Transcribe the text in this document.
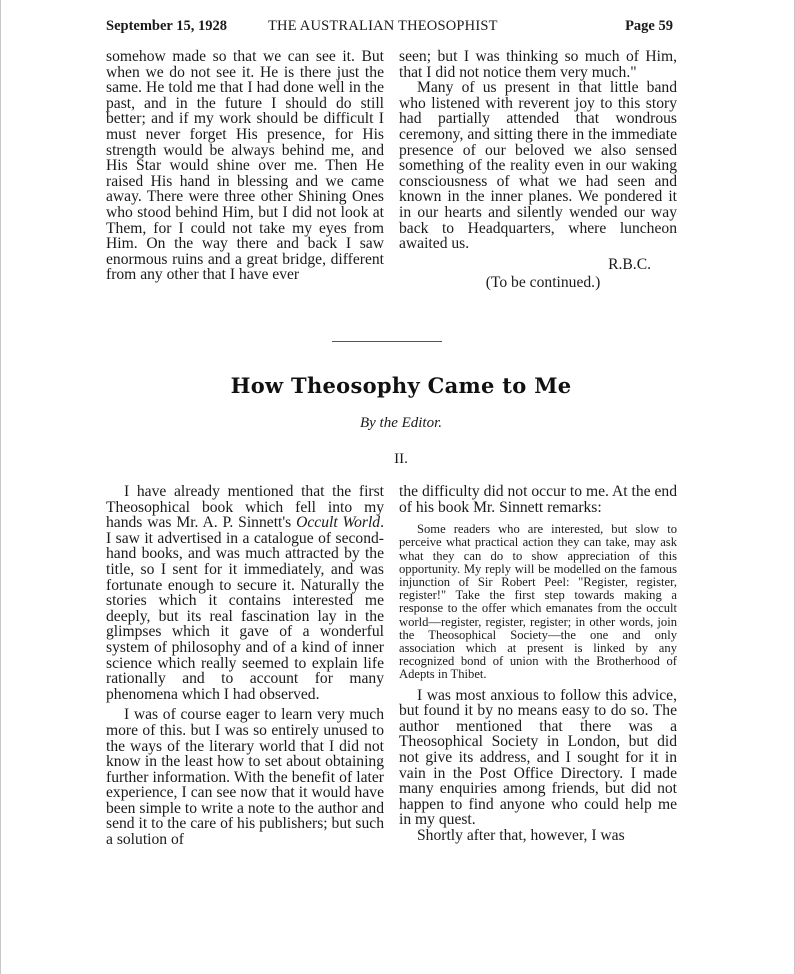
September 15, 1928	THE AUSTRALIAN THEOSOPHIST	Page 59

somehow made so that we can see it. But when we do not see it. He is there just the same. He told me that I had done well in the past, and in the future I should do still better; and if my work should be difficult I must never forget His presence, for His strength would be always behind me, and His Star would shine over me. Then He raised His hand in blessing and we came away. There were three other Shining Ones who stood behind Him, but I did not look at Them, for I could not take my eyes from Him. On the way there and back I saw enormous ruins and a great bridge, different from any other that I have ever

seen; but I was thinking so much of Him, that I did not notice them very much."

Many of us present in that little band who listened with reverent joy to this story had partially attended that wondrous ceremony, and sitting there in the immediate presence of our beloved we also sensed something of the reality even in our waking consciousness of what we had seen and known in the inner planes. We pondered it in our hearts and silently wended our way back to Headquarters, where luncheon awaited us.

R.B.C.

(To be continued.)

How Theosophy Came to Me
By the Editor.
II.

I have already mentioned that the first Theosophical book which fell into my hands was Mr. A. P. Sinnett's Occult World. I saw it advertised in a catalogue of second-hand books, and was much attracted by the title, so I sent for it immediately, and was fortunate enough to secure it. Naturally the stories which it contains interested me deeply, but its real fascination lay in the glimpses which it gave of a wonderful system of philosophy and of a kind of inner science which really seemed to explain life rationally and to account for many phenomena which I had observed.

I was of course eager to learn very much more of this. but I was so entirely unused to the ways of the literary world that I did not know in the least how to set about obtaining further information. With the benefit of later experience, I can see now that it would have been simple to write a note to the author and send it to the care of his publishers; but such a solution of

the difficulty did not occur to me. At the end of his book Mr. Sinnett remarks:

Some readers who are interested, but slow to perceive what practical action they can take, may ask what they can do to show appreciation of this opportunity. My reply will be modelled on the famous injunction of Sir Robert Peel: "Register, register, register!" Take the first step towards making a response to the offer which emanates from the occult world—register, register, register; in other words, join the Theosophical Society—the one and only association which at present is linked by any recognized bond of union with the Brotherhood of Adepts in Thibet.

I was most anxious to follow this advice, but found it by no means easy to do so. The author mentioned that there was a Theosophical Society in London, but did not give its address, and I sought for it in vain in the Post Office Directory. I made many enquiries among friends, but did not happen to find anyone who could help me in my quest.

Shortly after that, however, I was
